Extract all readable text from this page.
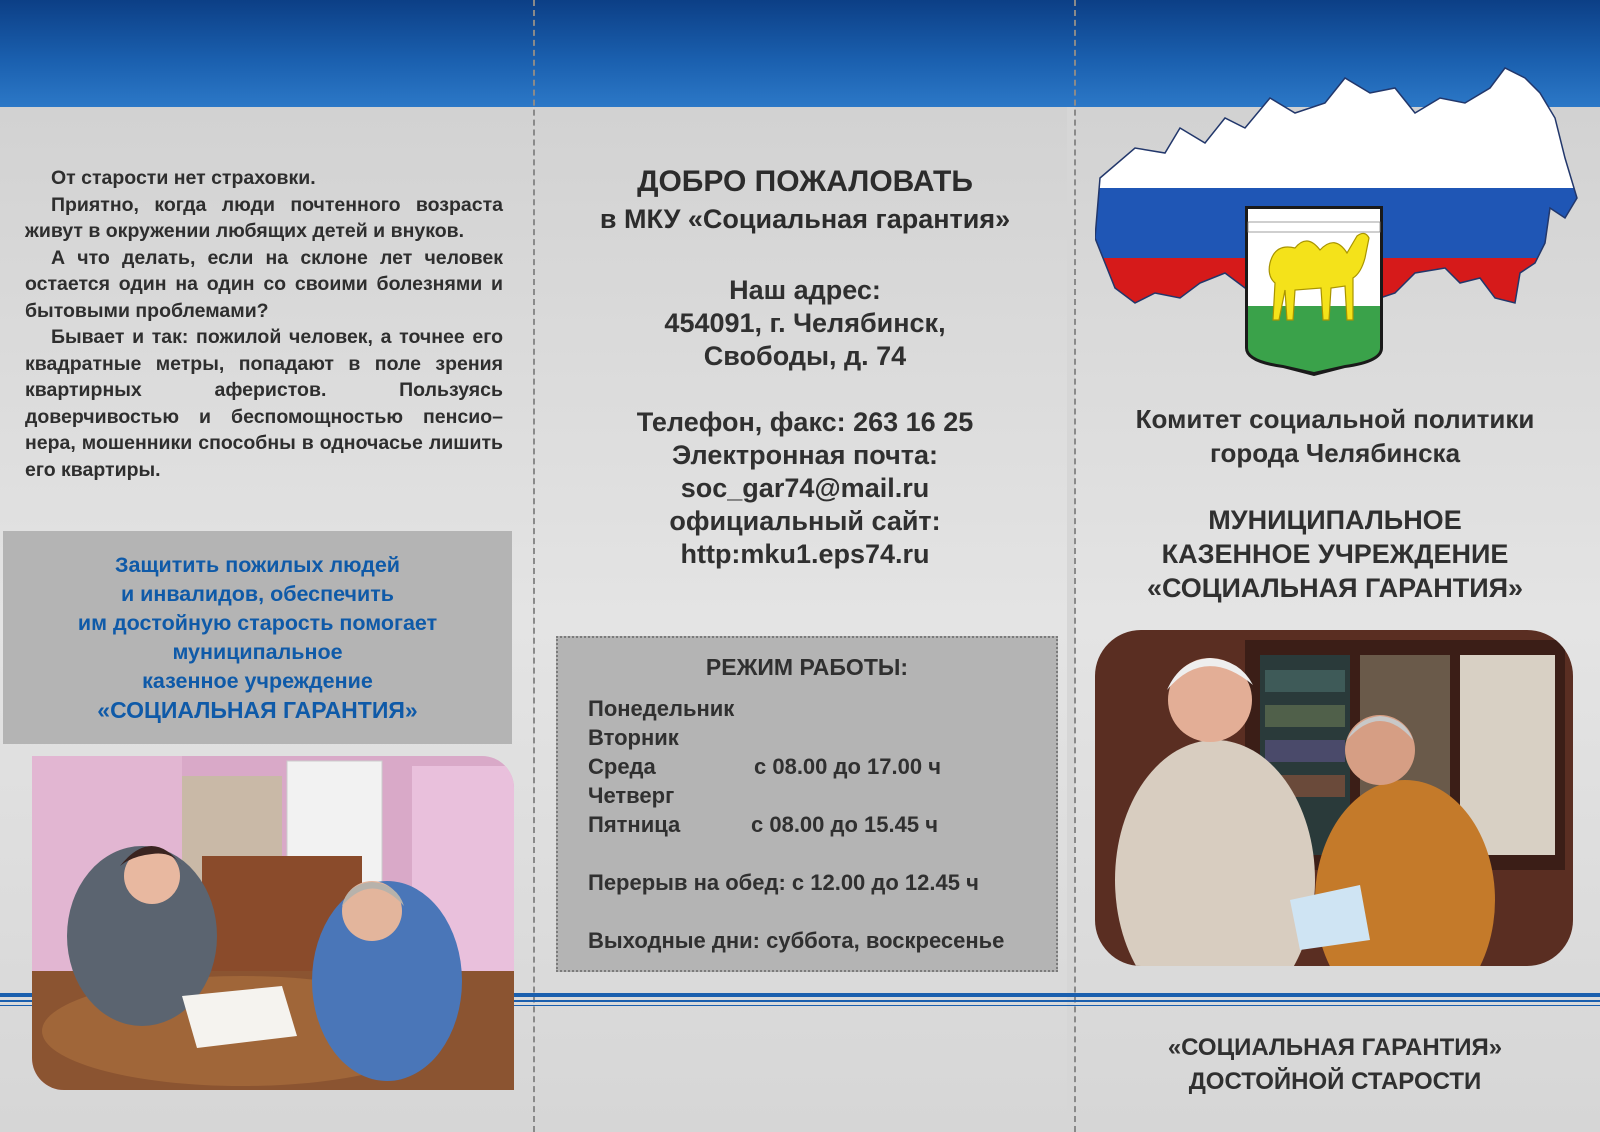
От старости нет страховки.

Приятно, когда люди почтенного возраста живут в окружении любящих детей и внуков.

А что делать, если на склоне лет человек остается один на один со своими болезнями и бытовыми проблемами?

Бывает и так: пожилой человек, а точнее его квадратные метры, попадают в поле зрения квартирных аферистов. Пользуясь доверчивостью и беспомощностью пенсио–нера, мошенники способны в одночасье лишить его квартиры.

Защитить пожилых людей
и инвалидов, обеспечить
им достойную старость помогает
муниципальное
казенное учреждение
«СОЦИАЛЬНАЯ ГАРАНТИЯ»
ДОБРО ПОЖАЛОВАТЬ
в МКУ «Социальная гарантия»
Наш адрес:
454091, г. Челябинск,
Свободы, д. 74
Телефон, факс: 263 16 25
Электронная почта:
soc_gar74@mail.ru
официальный сайт:
http:mku1.eps74.ru
РЕЖИМ РАБОТЫ:
Понедельник
Вторник
Среда	с 08.00 до 17.00 ч
Четверг
Пятница	с 08.00 до 15.45 ч
Перерыв на обед: с 12.00 до 12.45 ч
Выходные дни: суббота, воскресенье
Комитет социальной политики
города Челябинска
МУНИЦИПАЛЬНОЕ
КАЗЕННОЕ УЧРЕЖДЕНИЕ
«СОЦИАЛЬНАЯ ГАРАНТИЯ»
«СОЦИАЛЬНАЯ ГАРАНТИЯ»
ДОСТОЙНОЙ СТАРОСТИ
